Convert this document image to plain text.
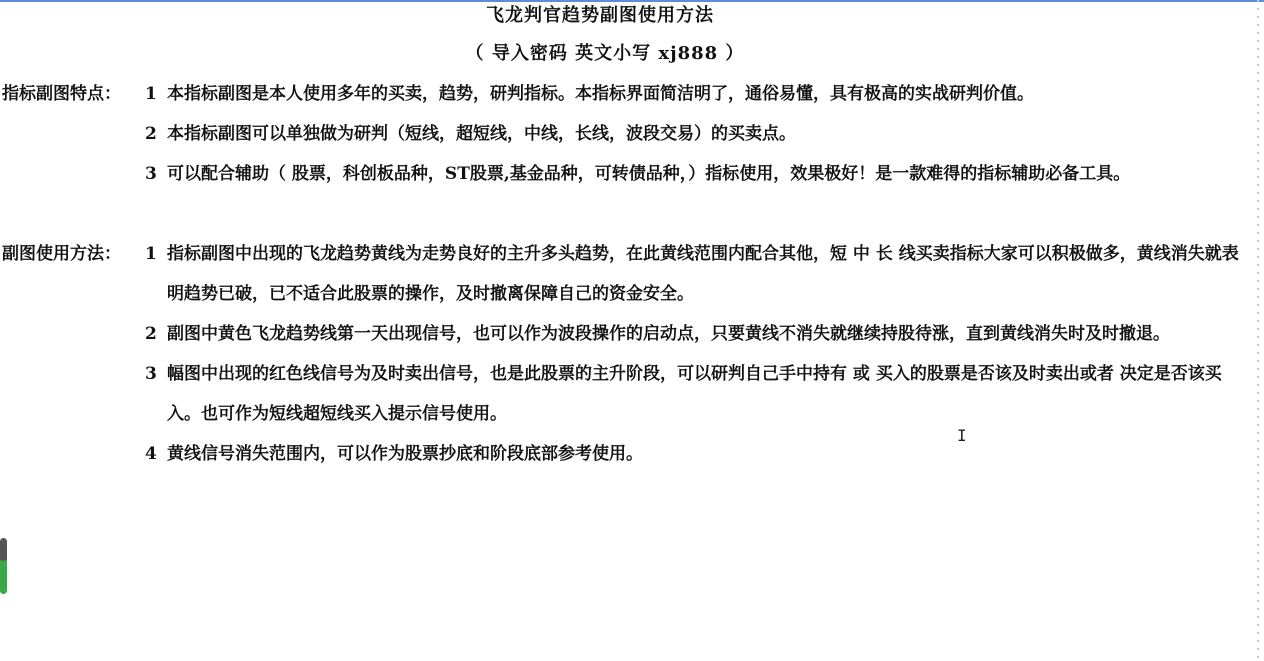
飞龙判官趋势副图使用方法
（ 导入密码 英文小写 xj888 ）
指标副图特点： 1 本指标副图是本人使用多年的买卖，趋势，研判指标。本指标界面简洁明了，通俗易懂，具有极高的实战研判价值。
2 本指标副图可以单独做为研判（短线，超短线，中线，长线，波段交易）的买卖点。
3 可以配合辅助（ 股票，科创板品种，ST股票,基金品种，可转债品种，）指标使用，效果极好！是一款难得的指标辅助必备工具。
副图使用方法： 1 指标副图中出现的飞龙趋势黄线为走势良好的主升多头趋势，在此黄线范围内配合其他，短 中 长 线买卖指标大家可以积极做多，黄线消失就表明趋势已破，已不适合此股票的操作，及时撤离保障自己的资金安全。
2 副图中黄色飞龙趋势线第一天出现信号，也可以作为波段操作的启动点，只要黄线不消失就继续持股待涨，直到黄线消失时及时撤退。
3 幅图中出现的红色线信号为及时卖出信号，也是此股票的主升阶段，可以研判自己手中持有 或 买入的股票是否该及时卖出或者 决定是否该买入。也可作为短线超短线买入提示信号使用。
4 黄线信号消失范围内，可以作为股票抄底和阶段底部参考使用。
I
